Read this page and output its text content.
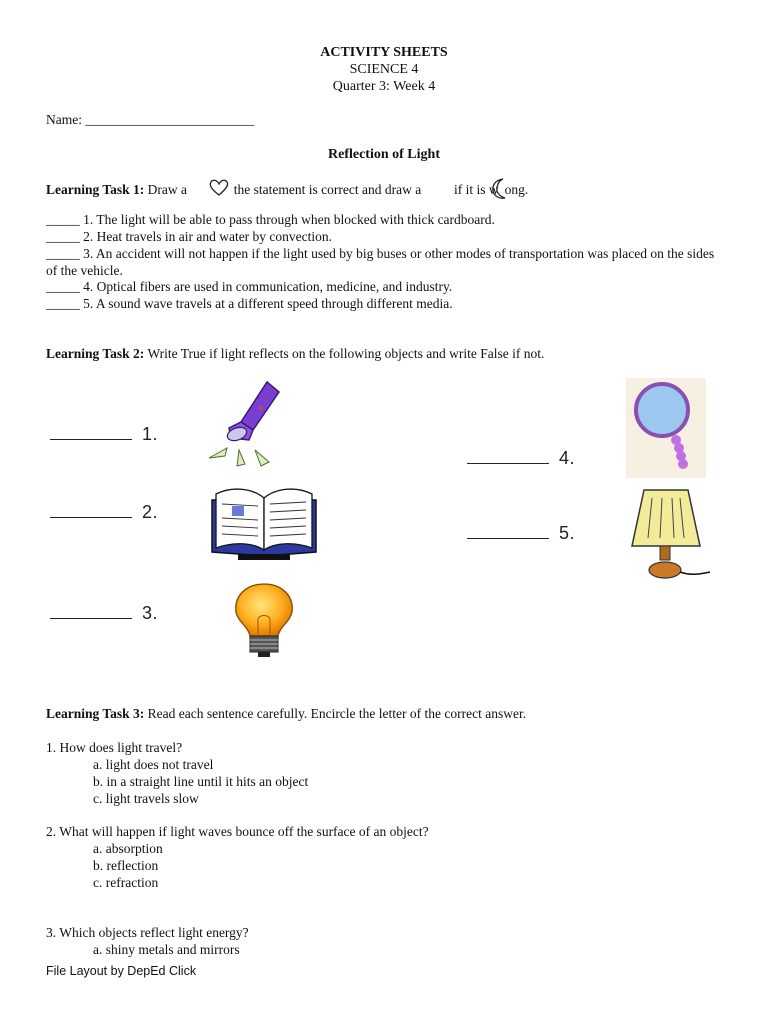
ACTIVITY SHEETS
SCIENCE 4
Quarter 3: Week 4
Name: _________________________
Reflection of Light
Learning Task 1: Draw a	the statement is correct and draw a if it is w ong.
_____ 1. The light will be able to pass through when blocked with thick cardboard.
_____ 2. Heat travels in air and water by convection.
_____ 3. An accident will not happen if the light used by big buses or other modes of transportation was placed on the sides of the vehicle.
_____ 4. Optical fibers are used in communication, medicine, and industry.
_____ 5. A sound wave travels at a different speed through different media.
Learning Task 2: Write True if light reflects on the following objects and write False if not.
1.
2.
3.
4.
5.
Learning Task 3: Read each sentence carefully. Encircle the letter of the correct answer.
1. How does light travel?
a. light does not travel
b. in a straight line until it hits an object
c. light travels slow
2. What will happen if light waves bounce off the surface of an object?
a. absorption
b. reflection
c. refraction
3. Which objects reflect light energy?
a. shiny metals and mirrors
File Layout by DepEd Click
